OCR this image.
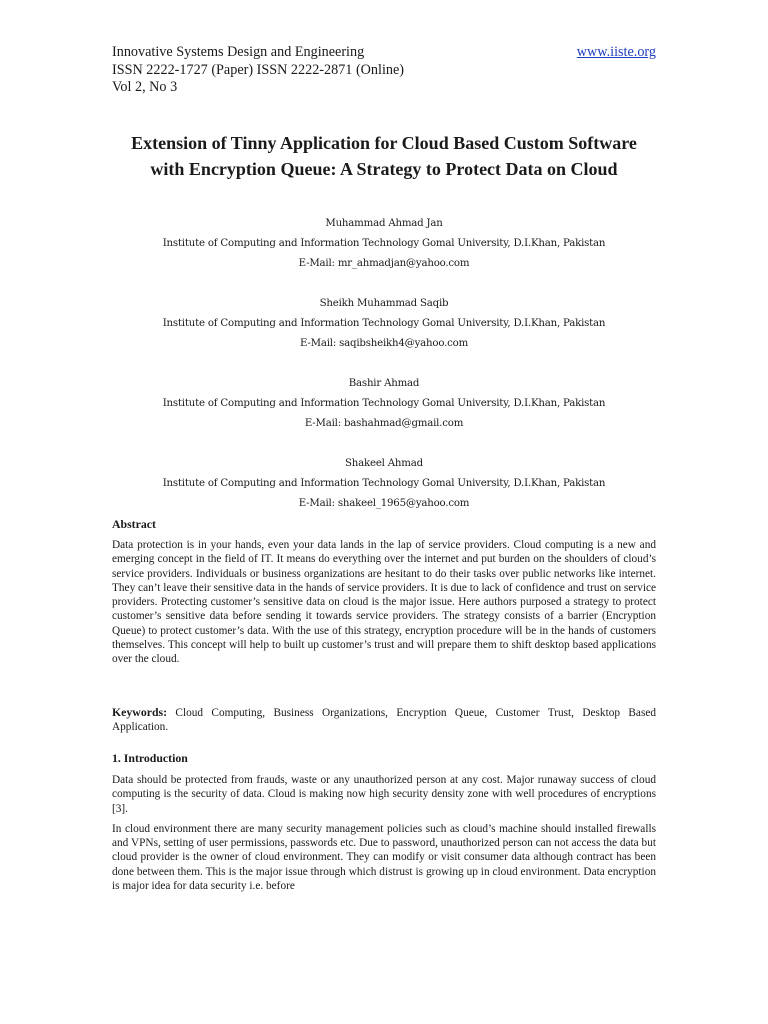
Innovative Systems Design and Engineering	www.iiste.org
ISSN 2222-1727 (Paper) ISSN 2222-2871 (Online)
Vol 2, No 3
Extension of Tinny Application for Cloud Based Custom Software with Encryption Queue: A Strategy to Protect Data on Cloud
Muhammad Ahmad Jan
Institute of Computing and Information Technology Gomal University, D.I.Khan, Pakistan
E-Mail: mr_ahmadjan@yahoo.com
Sheikh Muhammad Saqib
Institute of Computing and Information Technology Gomal University, D.I.Khan, Pakistan
E-Mail: saqibsheikh4@yahoo.com
Bashir Ahmad
Institute of Computing and Information Technology Gomal University, D.I.Khan, Pakistan
E-Mail: bashahmad@gmail.com
Shakeel Ahmad
Institute of Computing and Information Technology Gomal University, D.I.Khan, Pakistan
E-Mail: shakeel_1965@yahoo.com

Abstract

Data protection is in your hands, even your data lands in the lap of service providers. Cloud computing is a new and emerging concept in the field of IT. It means do everything over the internet and put burden on the shoulders of cloud’s service providers. Individuals or business organizations are hesitant to do their tasks over public networks like internet. They can’t leave their sensitive data in the hands of service providers. It is due to lack of confidence and trust on service providers. Protecting customer’s sensitive data on cloud is the major issue. Here authors purposed a strategy to protect customer’s sensitive data before sending it towards service providers. The strategy consists of a barrier (Encryption Queue) to protect customer’s data. With the use of this strategy, encryption procedure will be in the hands of customers themselves. This concept will help to built up customer’s trust and will prepare them to shift desktop based applications over the cloud.

Keywords: Cloud Computing, Business Organizations, Encryption Queue, Customer Trust, Desktop Based Application.

1. Introduction

Data should be protected from frauds, waste or any unauthorized person at any cost. Major runaway success of cloud computing is the security of data. Cloud is making now high security density zone with well procedures of encryptions [3].

In cloud environment there are many security management policies such as cloud’s machine should installed firewalls and VPNs, setting of user permissions, passwords etc. Due to password, unauthorized person can not access the data but cloud provider is the owner of cloud environment. They can modify or visit consumer data although contract has been done between them. This is the major issue through which distrust is growing up in cloud environment. Data encryption is major idea for data security i.e. before
